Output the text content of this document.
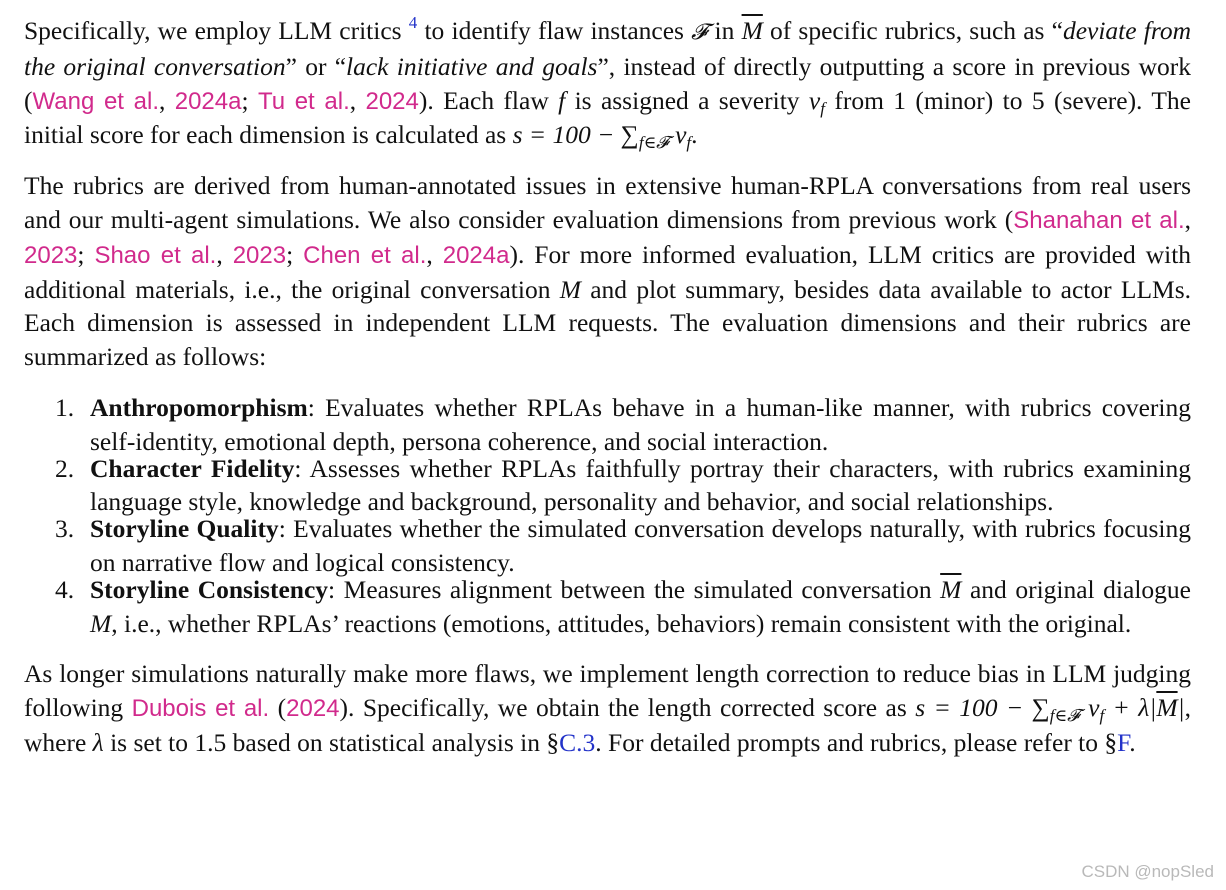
Specifically, we employ LLM critics $^4$ to identify flaw instances 𝓕 in $\overline{M}$ of specific rubrics, such as “deviate from the original conversation” or “lack initiative and goals”, instead of directly outputting a score in previous work (Wang et al., 2024a; Tu et al., 2024). Each flaw f is assigned a severity $v_f$ from 1 (minor) to 5 (severe). The initial score for each dimension is calculated as $s = 100 - \sum_{f\in 𝓕}$ $v_f$.

The rubrics are derived from human-annotated issues in extensive human-RPLA conversations from real users and our multi-agent simulations. We also consider evaluation dimensions from previous work (Shanahan et al., 2023; Shao et al., 2023; Chen et al., 2024a). For more informed evaluation, LLM critics are provided with additional materials, i.e., the original conversation M and plot summary, besides data available to actor LLMs. Each dimension is assessed in independent LLM requests. The evaluation dimensions and their rubrics are summarized as follows:

1. Anthropomorphism: Evaluates whether RPLAs behave in a human-like manner, with rubrics covering self-identity, emotional depth, persona coherence, and social interaction.
2. Character Fidelity: Assesses whether RPLAs faithfully portray their characters, with rubrics examining language style, knowledge and background, personality and behavior, and social relationships.
3. Storyline Quality: Evaluates whether the simulated conversation develops naturally, with rubrics focusing on narrative flow and logical consistency.
4. Storyline Consistency: Measures alignment between the simulated conversation $\overline{M}$ and original dialogue M, i.e., whether RPLAs’ reactions (emotions, attitudes, behaviors) remain consistent with the original.

As longer simulations naturally make more flaws, we implement length correction to reduce bias in LLM judging following Dubois et al. (2024). Specifically, we obtain the length corrected score as $s = 100 - \sum_{f\in 𝓕}$ $v_f + \lambda|\overline{M}|$, where λ is set to 1.5 based on statistical analysis in §C.3. For detailed prompts and rubrics, please refer to §F.

CSDN @nopSled
